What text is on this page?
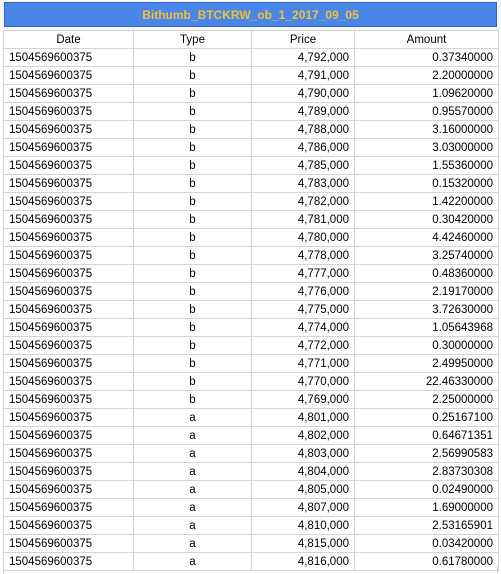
Bithumb_BTCKRW_ob_1_2017_09_05
Date	Type	Price	Amount
1504569600375	b	4,792,000	0.37340000
1504569600375	b	4,791,000	2.20000000
1504569600375	b	4,790,000	1.09620000
1504569600375	b	4,789,000	0.95570000
1504569600375	b	4,788,000	3.16000000
1504569600375	b	4,786,000	3.03000000
1504569600375	b	4,785,000	1.55360000
1504569600375	b	4,783,000	0.15320000
1504569600375	b	4,782,000	1.42200000
1504569600375	b	4,781,000	0.30420000
1504569600375	b	4,780,000	4.42460000
1504569600375	b	4,778,000	3.25740000
1504569600375	b	4,777,000	0.48360000
1504569600375	b	4,776,000	2.19170000
1504569600375	b	4,775,000	3.72630000
1504569600375	b	4,774,000	1.05643968
1504569600375	b	4,772,000	0.30000000
1504569600375	b	4,771,000	2.49950000
1504569600375	b	4,770,000	22.46330000
1504569600375	b	4,769,000	2.25000000
1504569600375	a	4,801,000	0.25167100
1504569600375	a	4,802,000	0.64671351
1504569600375	a	4,803,000	2.56990583
1504569600375	a	4,804,000	2.83730308
1504569600375	a	4,805,000	0.02490000
1504569600375	a	4,807,000	1.69000000
1504569600375	a	4,810,000	2.53165901
1504569600375	a	4,815,000	0.03420000
1504569600375	a	4,816,000	0.61780000
